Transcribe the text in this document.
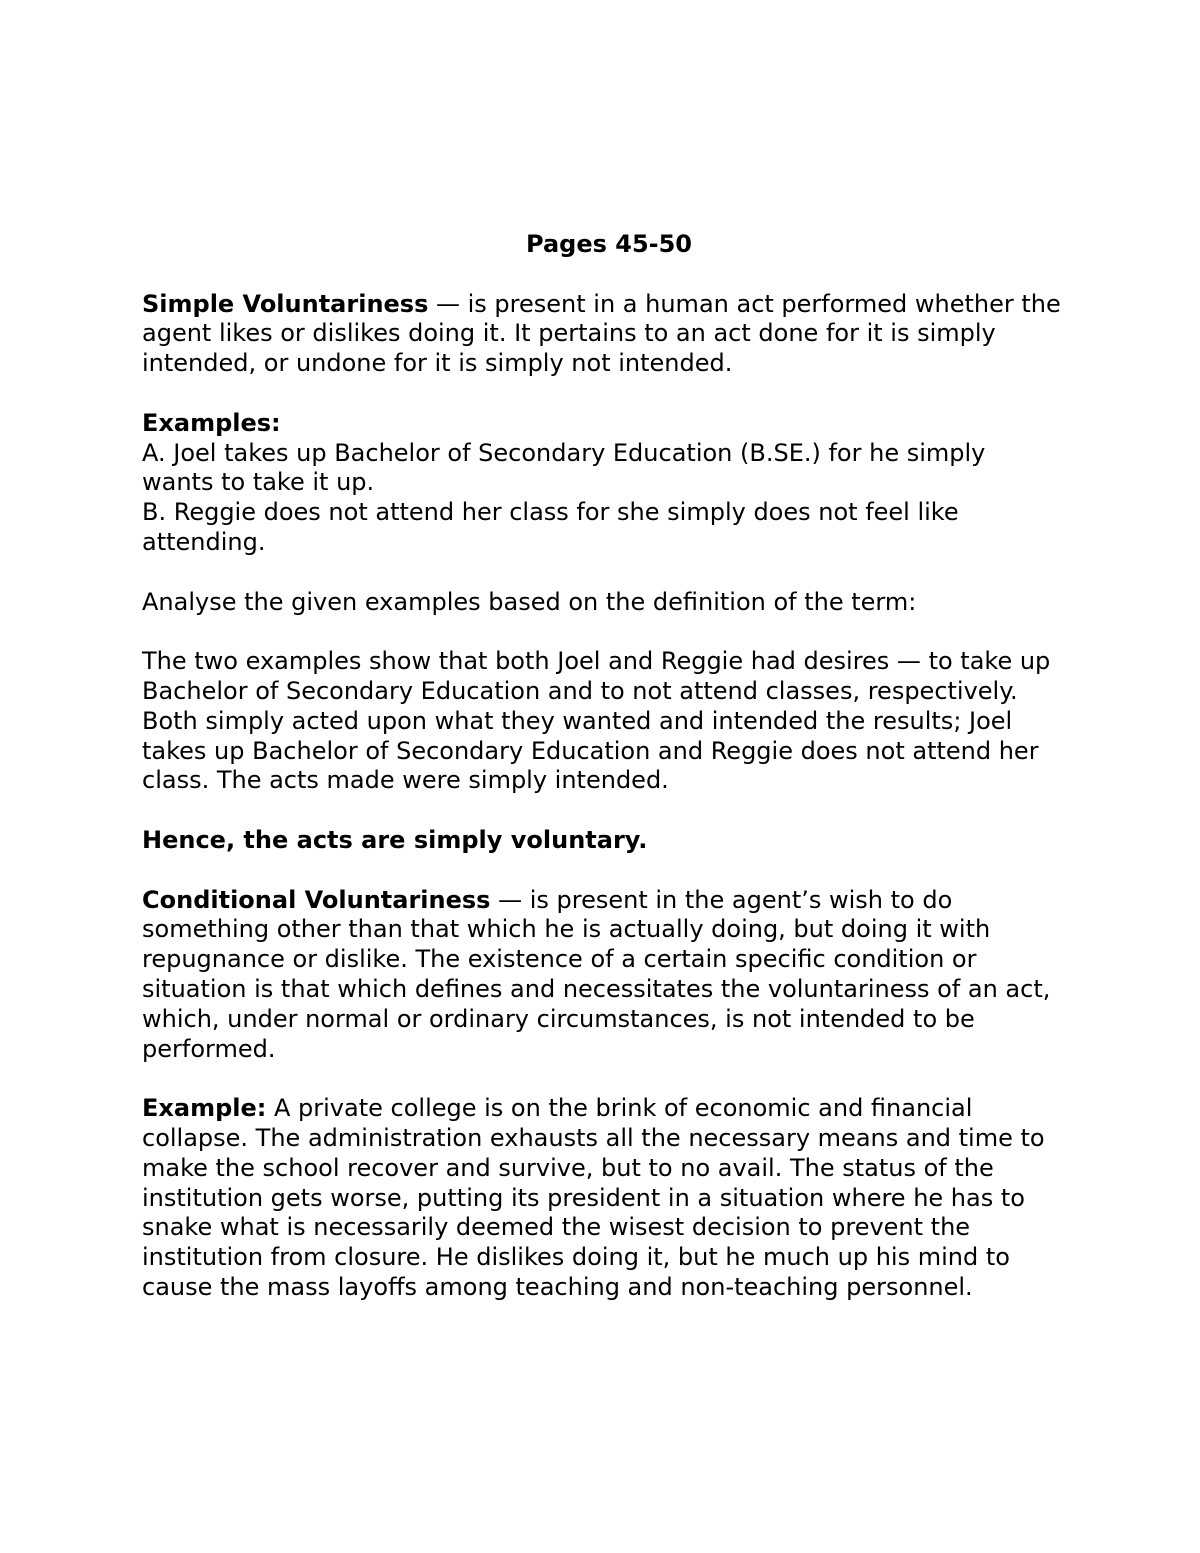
Pages 45-50

Simple Voluntariness — is present in a human act performed whether the agent likes or dislikes doing it. It pertains to an act done for it is simply intended, or undone for it is simply not intended.

Examples:

A. Joel takes up Bachelor of Secondary Education (B.SE.) for he simply wants to take it up.

B. Reggie does not attend her class for she simply does not feel like attending.

Analyse the given examples based on the definition of the term:

The two examples show that both Joel and Reggie had desires — to take up Bachelor of Secondary Education and to not attend classes, respectively. Both simply acted upon what they wanted and intended the results; Joel takes up Bachelor of Secondary Education and Reggie does not attend her class. The acts made were simply intended.

Hence, the acts are simply voluntary.

Conditional Voluntariness — is present in the agent’s wish to do something other than that which he is actually doing, but doing it with repugnance or dislike. The existence of a certain specific condition or situation is that which defines and necessitates the voluntariness of an act, which, under normal or ordinary circumstances, is not intended to be performed.

Example: A private college is on the brink of economic and financial collapse. The administration exhausts all the necessary means and time to make the school recover and survive, but to no avail. The status of the institution gets worse, putting its president in a situation where he has to snake what is necessarily deemed the wisest decision to prevent the institution from closure. He dislikes doing it, but he much up his mind to cause the mass layoffs among teaching and non-teaching personnel.
